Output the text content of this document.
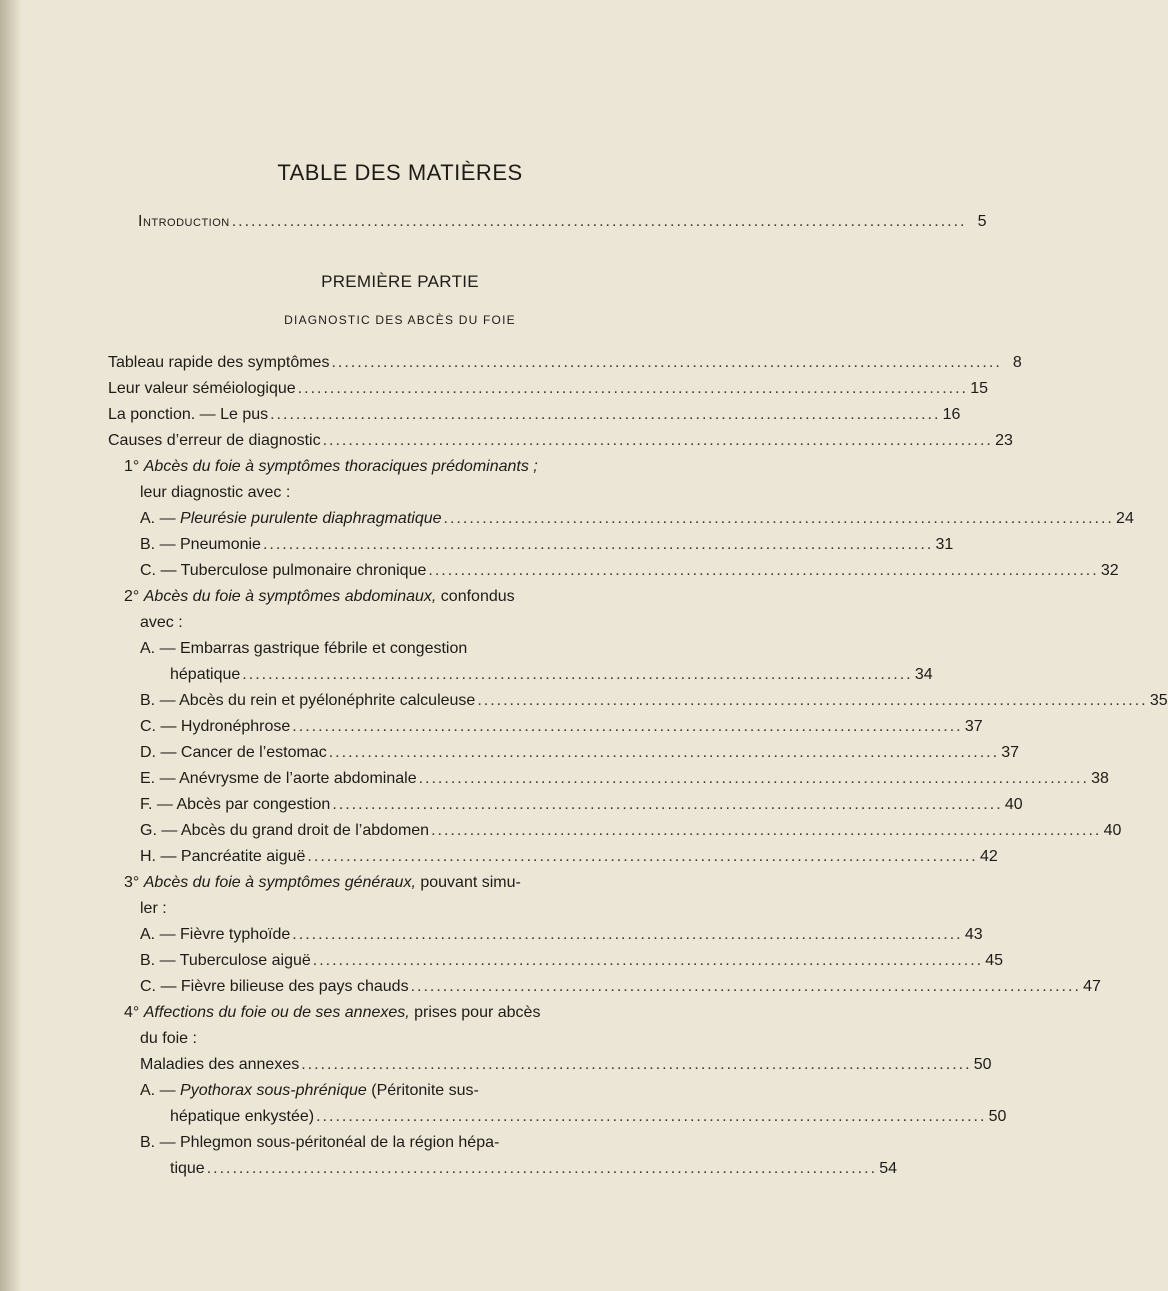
TABLE DES MATIÈRES
Introduction .................................................................................................................. 5
PREMIÈRE PARTIE
DIAGNOSTIC DES ABCÈS DU FOIE
Tableau rapide des symptômes ........................................................................................................ 8
Leur valeur séméiologique ........................................................................................................ 15
La ponction. — Le pus ........................................................................................................ 16
Causes d’erreur de diagnostic ........................................................................................................ 23
1° Abcès du foie à symptômes thoraciques prédominants ;
leur diagnostic avec :
A. — Pleurésie purulente diaphragmatique ........................................................................................................ 24
B. — Pneumonie ........................................................................................................ 31
C. — Tuberculose pulmonaire chronique ........................................................................................................ 32
2° Abcès du foie à symptômes abdominaux, confondus
avec :
A. — Embarras gastrique fébrile et congestion
hépatique ........................................................................................................ 34
B. — Abcès du rein et pyélonéphrite calculeuse ........................................................................................................ 35
C. — Hydronéphrose ........................................................................................................ 37
D. — Cancer de l’estomac ........................................................................................................ 37
E. — Anévrysme de l’aorte abdominale ........................................................................................................ 38
F. — Abcès par congestion ........................................................................................................ 40
G. — Abcès du grand droit de l’abdomen ........................................................................................................ 40
H. — Pancréatite aiguë ........................................................................................................ 42
3° Abcès du foie à symptômes généraux, pouvant simu-
ler :
A. — Fièvre typhoïde ........................................................................................................ 43
B. — Tuberculose aiguë ........................................................................................................ 45
C. — Fièvre bilieuse des pays chauds ........................................................................................................ 47
4° Affections du foie ou de ses annexes, prises pour abcès
du foie :
Maladies des annexes ........................................................................................................ 50
A. — Pyothorax sous-phrénique (Péritonite sus-
hépatique enkystée) ........................................................................................................ 50
B. — Phlegmon sous-péritonéal de la région hépa-
tique ........................................................................................................ 54
